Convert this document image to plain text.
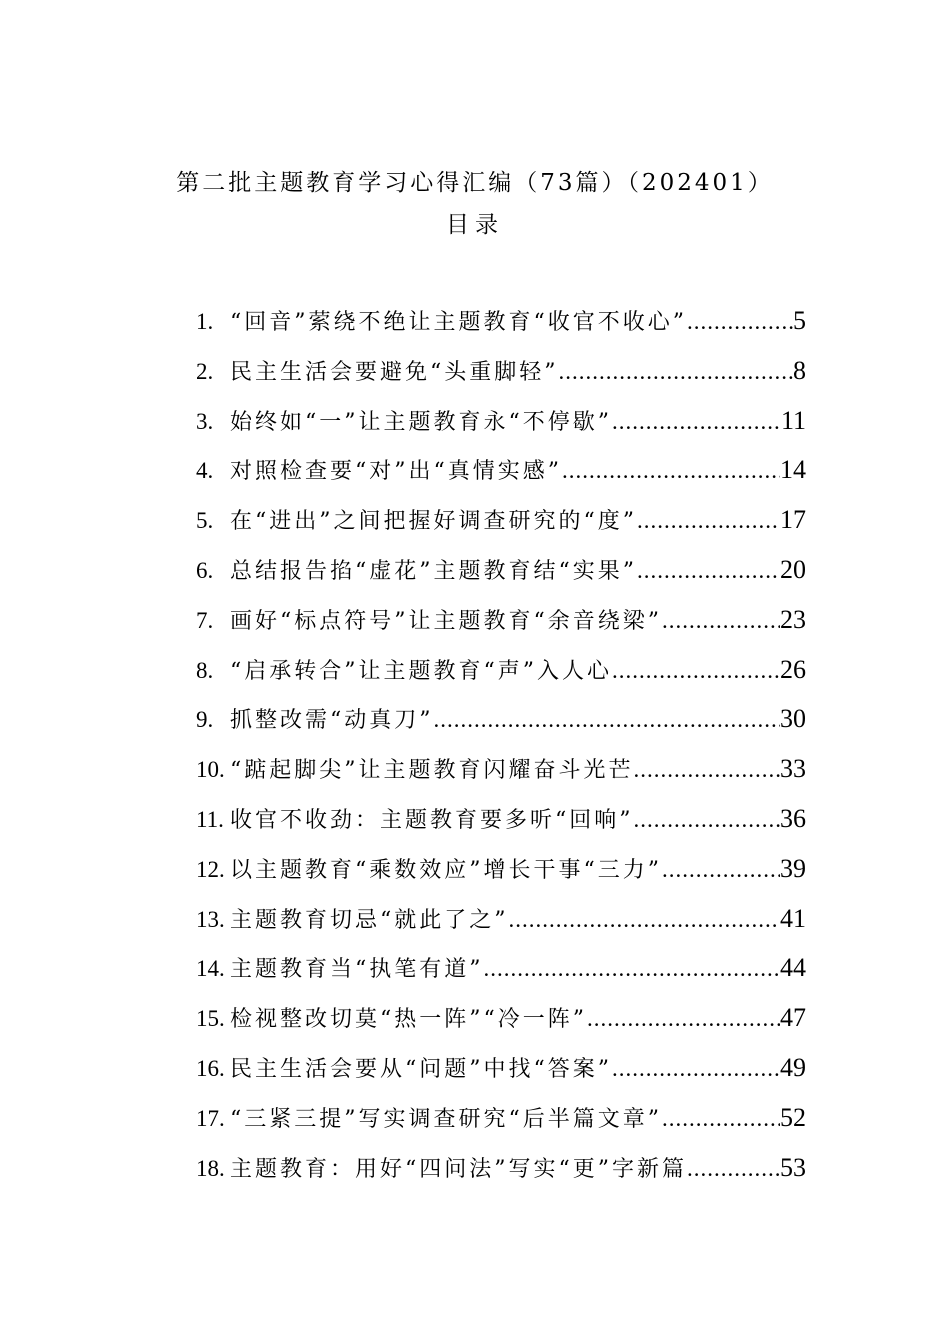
第二批主题教育学习心得汇编（73篇）（202401）
目录
1. “回音”萦绕不绝让主题教育“收官不收心” .....	5
2. 民主生活会要避免“头重脚轻” .....	8
3. 始终如“一”让主题教育永“不停歇” .....	11
4. 对照检查要“对”出“真情实感” .....	14
5. 在“进出”之间把握好调查研究的“度” .....	17
6. 总结报告掐“虚花”主题教育结“实果” .....	20
7. 画好“标点符号”让主题教育“余音绕梁” .....	23
8. “启承转合”让主题教育“声”入人心 .....	26
9. 抓整改需“动真刀” .....	30
10. “踮起脚尖”让主题教育闪耀奋斗光芒 .....	33
11. 收官不收劲：主题教育要多听“回响” .....	36
12. 以主题教育“乘数效应”增长干事“三力” .....	39
13. 主题教育切忌“就此了之” .....	41
14. 主题教育当“执笔有道” .....	44
15. 检视整改切莫“热一阵”“冷一阵” .....	47
16. 民主生活会要从“问题”中找“答案” .....	49
17. “三紧三提”写实调查研究“后半篇文章” .....	52
18. 主题教育：用好“四问法”写实“更”字新篇 .....	53
